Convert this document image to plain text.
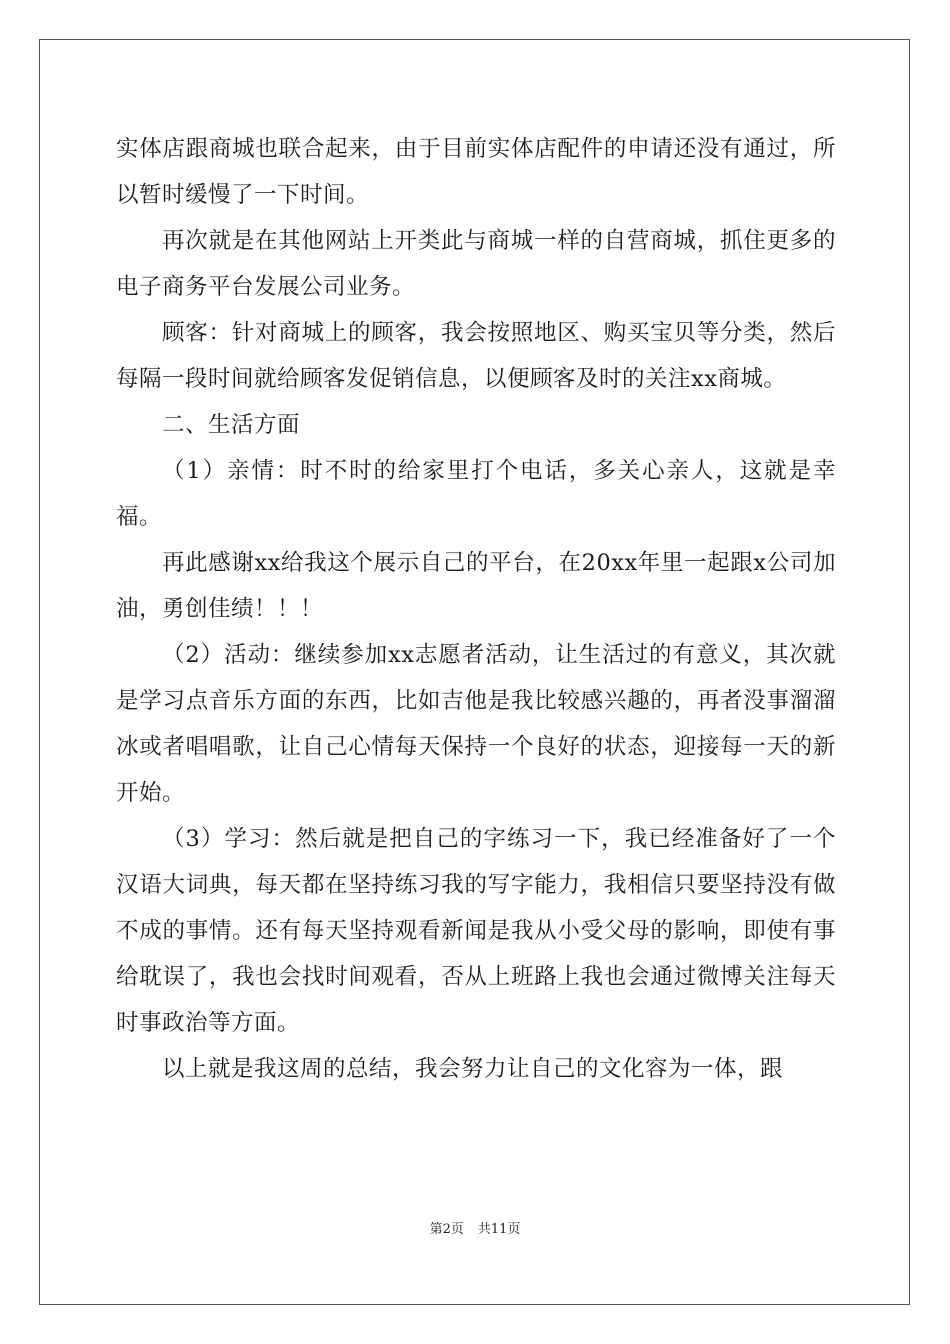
实体店跟商城也联合起来，由于目前实体店配件的申请还没有通过，所以暂时缓慢了一下时间。

再次就是在其他网站上开类此与商城一样的自营商城，抓住更多的电子商务平台发展公司业务。

顾客：针对商城上的顾客，我会按照地区、购买宝贝等分类，然后每隔一段时间就给顾客发促销信息，以便顾客及时的关注xx商城。

二、生活方面

（1）亲情：时不时的给家里打个电话，多关心亲人，这就是幸福。

再此感谢xx给我这个展示自己的平台，在20xx年里一起跟x公司加油，勇创佳绩！！！

（2）活动：继续参加xx志愿者活动，让生活过的有意义，其次就是学习点音乐方面的东西，比如吉他是我比较感兴趣的，再者没事溜溜冰或者唱唱歌，让自己心情每天保持一个良好的状态，迎接每一天的新开始。

（3）学习：然后就是把自己的字练习一下，我已经准备好了一个汉语大词典，每天都在坚持练习我的写字能力，我相信只要坚持没有做不成的事情。还有每天坚持观看新闻是我从小受父母的影响，即使有事给耽误了，我也会找时间观看，否从上班路上我也会通过微博关注每天时事政治等方面。

以上就是我这周的总结，我会努力让自己的文化容为一体，跟

第2页 共11页
